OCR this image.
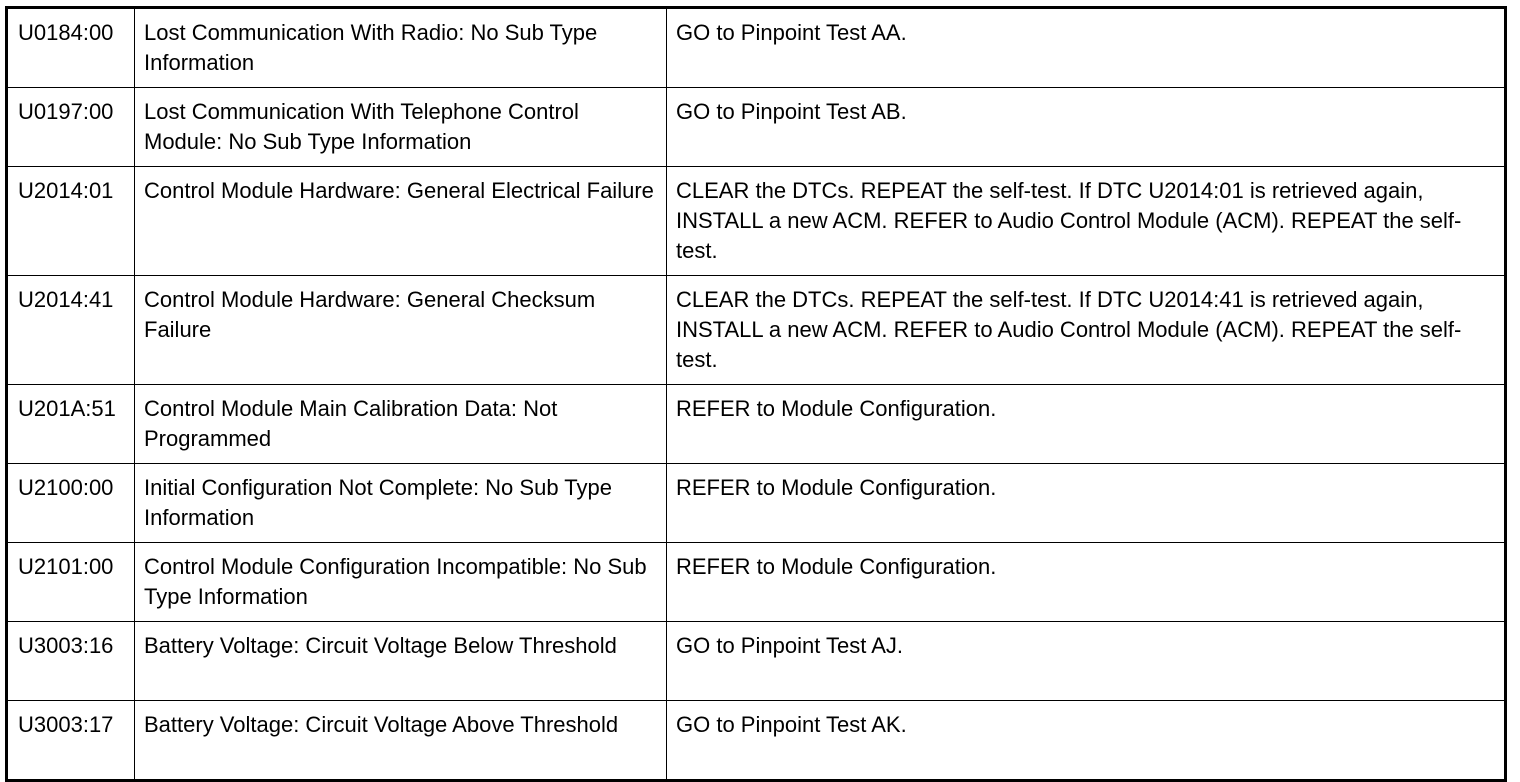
U0184:00	Lost Communication With Radio: No Sub Type Information	GO to Pinpoint Test AA.
U0197:00	Lost Communication With Telephone Control Module: No Sub Type Information	GO to Pinpoint Test AB.
U2014:01	Control Module Hardware: General Electrical Failure	CLEAR the DTCs. REPEAT the self-test. If DTC U2014:01 is retrieved again, INSTALL a new ACM. REFER to Audio Control Module (ACM). REPEAT the self-test.
U2014:41	Control Module Hardware: General Checksum Failure	CLEAR the DTCs. REPEAT the self-test. If DTC U2014:41 is retrieved again, INSTALL a new ACM. REFER to Audio Control Module (ACM). REPEAT the self-test.
U201A:51	Control Module Main Calibration Data: Not Programmed	REFER to Module Configuration.
U2100:00	Initial Configuration Not Complete: No Sub Type Information	REFER to Module Configuration.
U2101:00	Control Module Configuration Incompatible: No Sub Type Information	REFER to Module Configuration.
U3003:16	Battery Voltage: Circuit Voltage Below Threshold	GO to Pinpoint Test AJ.
U3003:17	Battery Voltage: Circuit Voltage Above Threshold	GO to Pinpoint Test AK.
